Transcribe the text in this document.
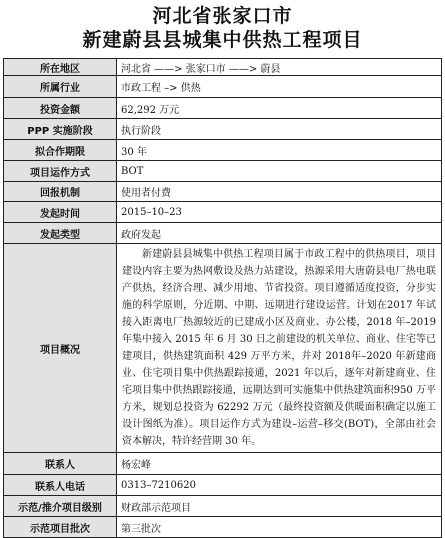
河北省张家口市
新建蔚县县城集中供热工程项目
所在地区	河北省 ——> 张家口市 ——> 蔚县
所属行业	市政工程 –> 供热
投资金额	62,292 万元
PPP 实施阶段	执行阶段
拟合作期限	30 年
项目运作方式	BOT
回报机制	使用者付费
发起时间	2015–10–23
发起类型	政府发起
项目概况	新建蔚县县城集中供热工程项目属于市政工程中的供热项目，项目建设内容主要为热网敷设及热力站建设，热源采用大唐蔚县电厂热电联产供热，经济合理、减少用地、节省投资。项目遵循适度投资，分步实施的科学原则，分近期、中期、远期进行建设运营。计划在2017 年试接入距离电厂热源较近的已建成小区及商业、办公楼，2018 年–2019 年集中接入 2015 年 6 月 30 日之前建设的机关单位、商业、住宅等已建项目，供热建筑面积 429 万平方米，并对 2018年–2020 年新建商业、住宅项目集中供热跟踪接通，2021 年以后，逐年对新建商业、住宅项目集中供热跟踪接通，远期达到可实施集中供热建筑面积950 万平方米，规划总投资为 62292 万元（最终投资额及供暖面积确定以施工设计图纸为准）。项目运作方式为建设–运营–移交(BOT)，全部由社会资本解决，特许经营期 30 年。
联系人	杨宏峰
联系人电话	0313–7210620
示范/推介项目级别	财政部示范项目
示范项目批次	第三批次
